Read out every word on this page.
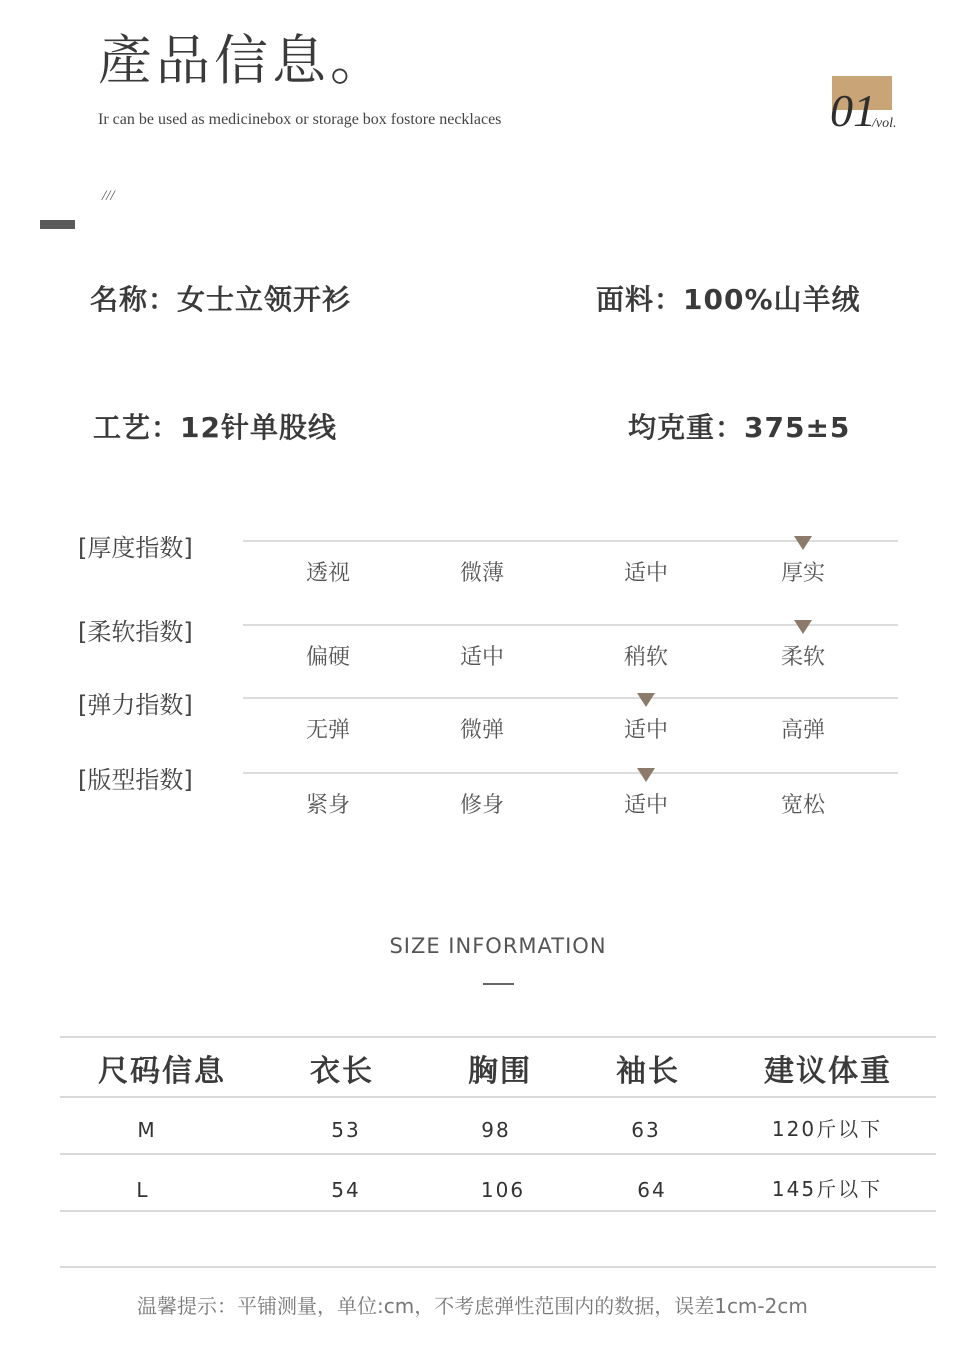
產品信息。
Ir can be used as medicinebox or storage box fostore necklaces
///
01
/vol.
名称：女士立领开衫	面料：100%山羊绒
工艺：12针单股线	均克重：375±5
[厚度指数]
透视	微薄	适中	厚实
[柔软指数]
偏硬	适中	稍软	柔软
[弹力指数]
无弹	微弹	适中	高弹
[版型指数]
紧身	修身	适中	宽松
SIZE INFORMATION
尺码信息	衣长	胸围	袖长	建议体重
M	53	98	63	120斤以下
L	54	106	64	145斤以下
温馨提示：平铺测量，单位:cm，不考虑弹性范围内的数据，误差1cm-2cm
